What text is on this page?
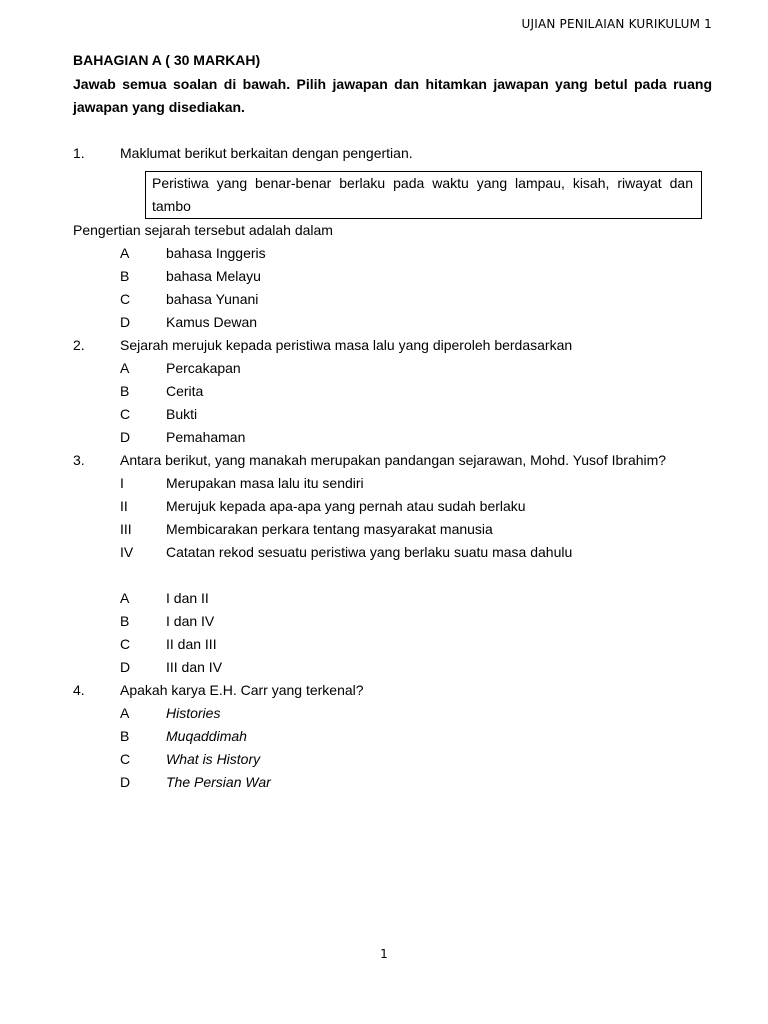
UJIAN PENILAIAN KURIKULUM 1

BAHAGIAN A ( 30 MARKAH)

Jawab semua soalan di bawah. Pilih jawapan dan hitamkan jawapan yang betul pada ruang jawapan yang disediakan.

1.	Maklumat berikut berkaitan dengan pengertian.
Peristiwa yang benar-benar berlaku pada waktu yang lampau, kisah, riwayat dan tambo
Pengertian sejarah tersebut adalah dalam
A	bahasa Inggeris
B	bahasa Melayu
C	bahasa Yunani
D	Kamus Dewan
2.	Sejarah merujuk kepada peristiwa masa lalu yang diperoleh berdasarkan
A	Percakapan
B	Cerita
C	Bukti
D	Pemahaman
3.	Antara berikut, yang manakah merupakan pandangan sejarawan, Mohd. Yusof Ibrahim?
I	Merupakan masa lalu itu sendiri
II	Merujuk kepada apa-apa yang pernah atau sudah berlaku
III Membicarakan perkara tentang masyarakat manusia
IV Catatan rekod sesuatu peristiwa yang berlaku suatu masa dahulu
A	I dan II
B	I dan IV
C	II dan III
D	III dan IV
4.	Apakah karya E.H. Carr yang terkenal?
A	Histories
B	Muqaddimah
C	What is History
D	The Persian War
1
